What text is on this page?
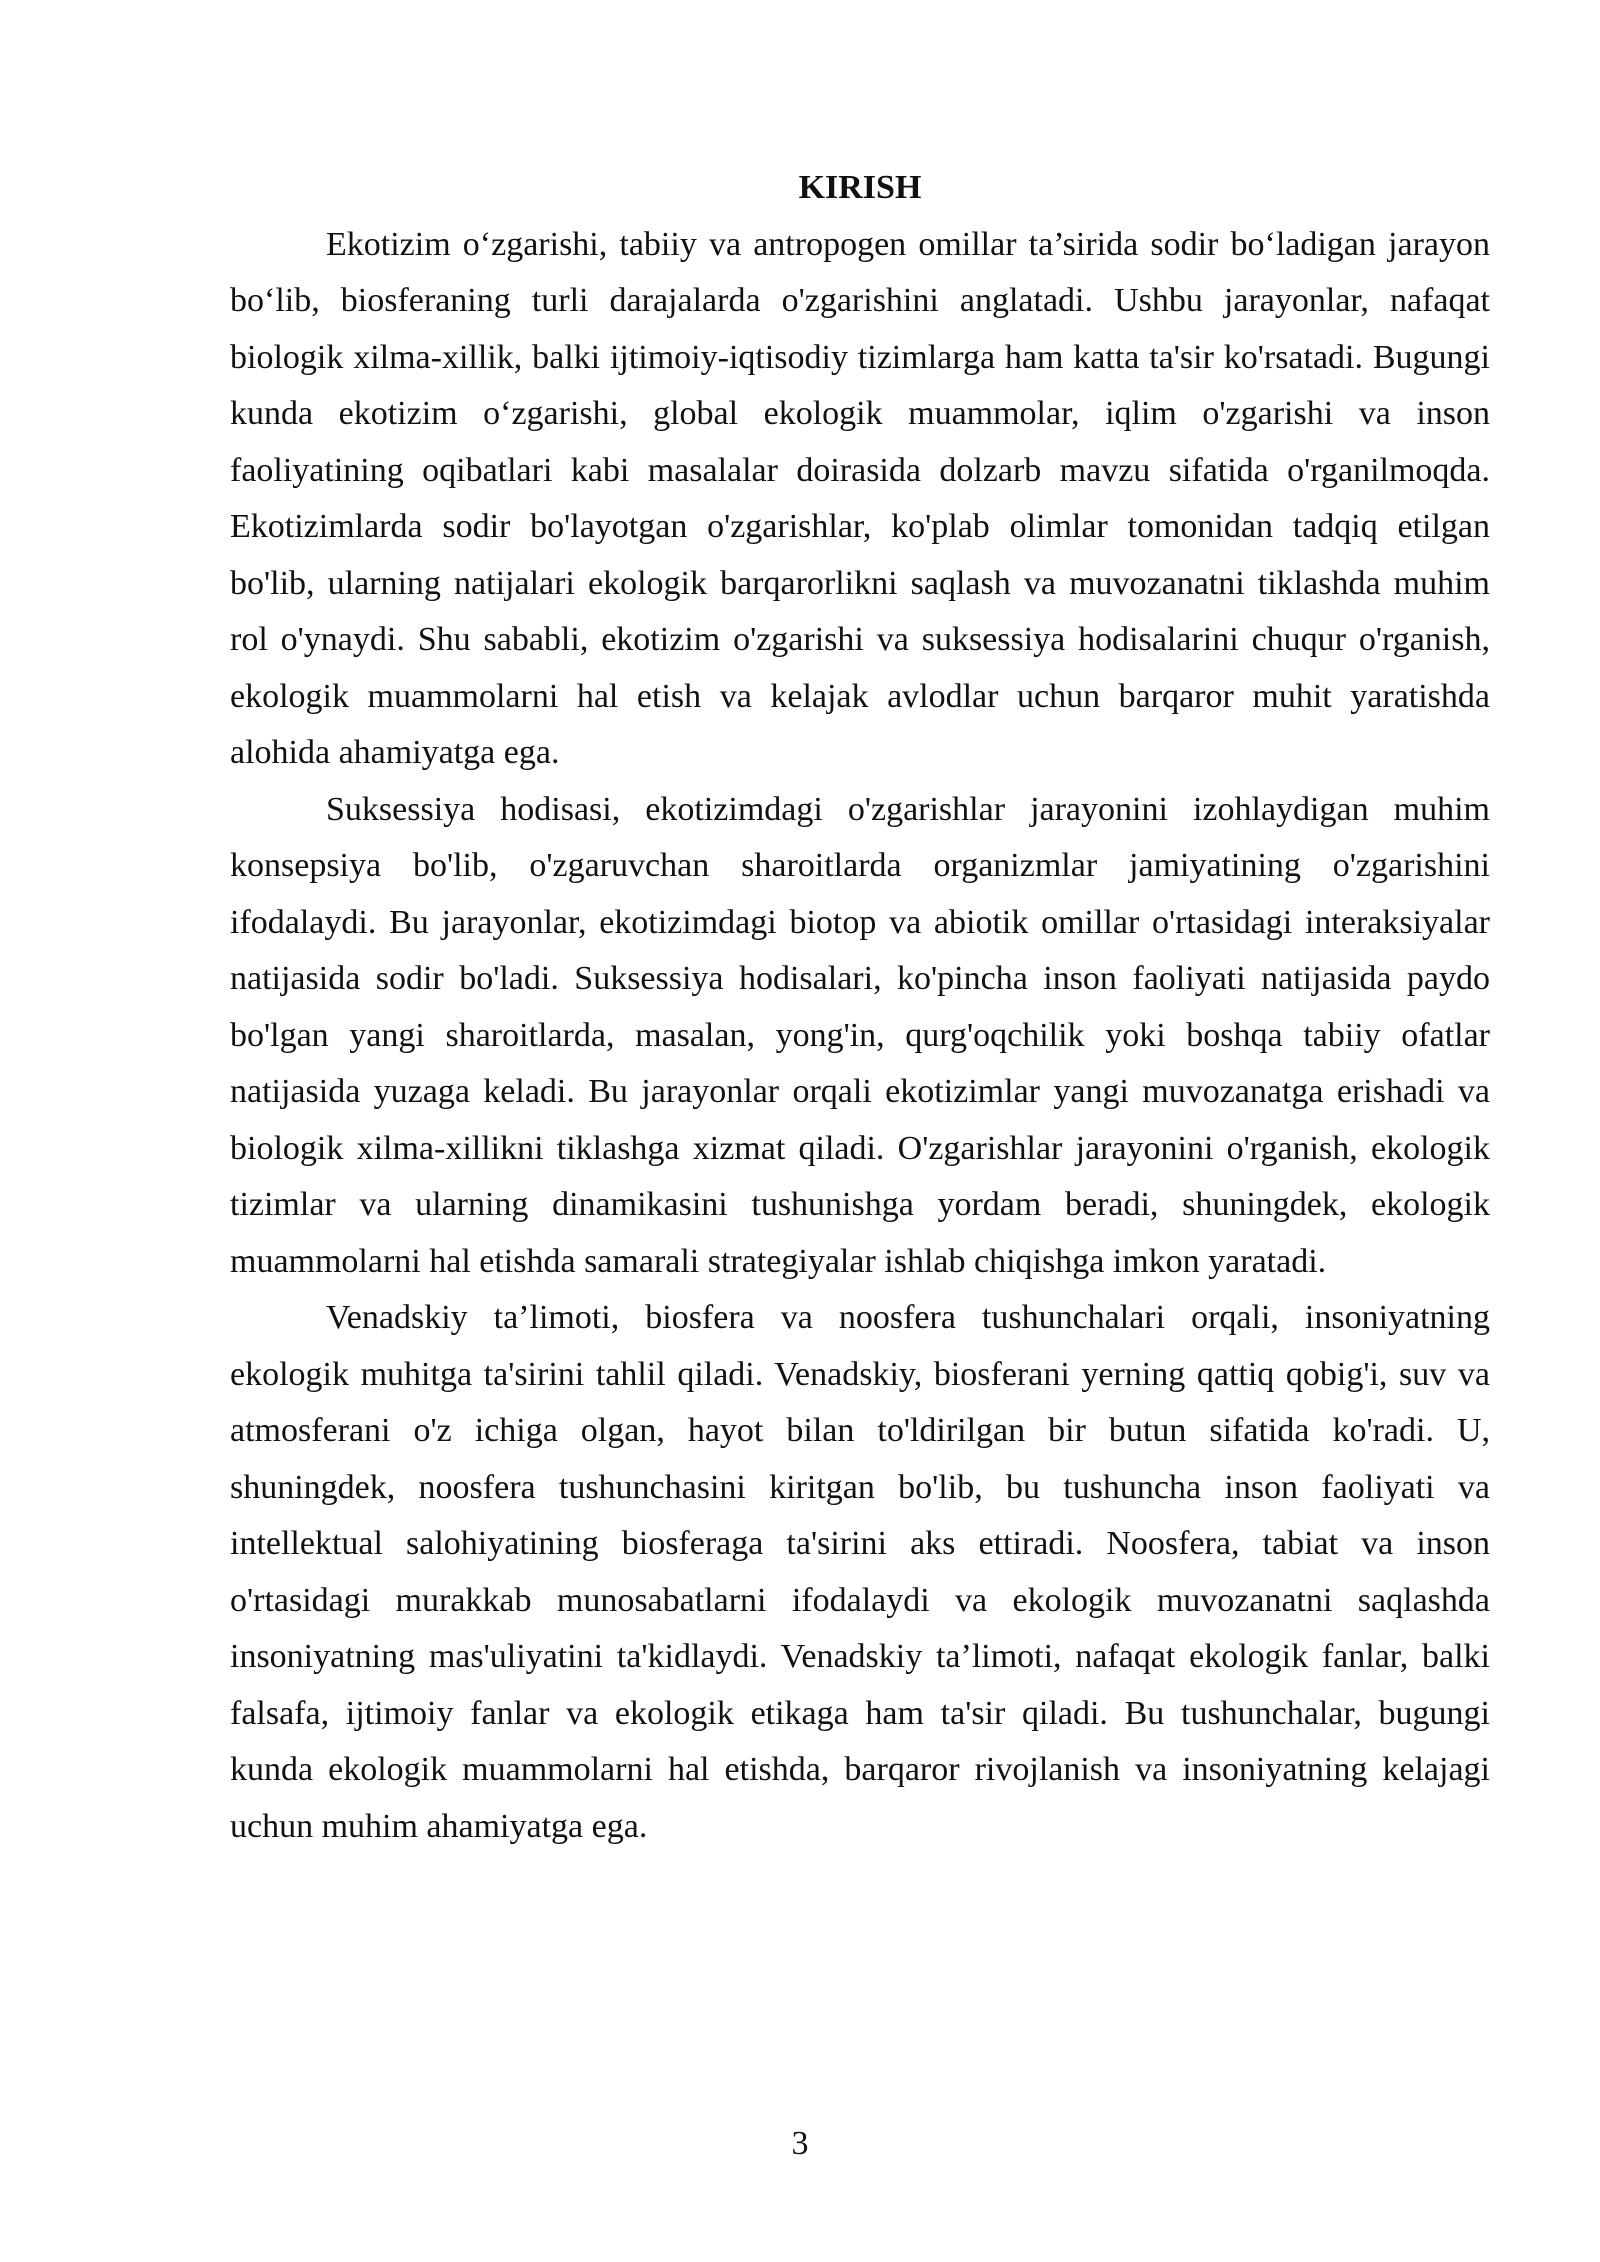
KIRISH

Ekotizim o‘zgarishi, tabiiy va antropogen omillar ta’sirida sodir bo‘ladigan jarayon bo‘lib, biosferaning turli darajalarda o'zgarishini anglatadi. Ushbu jarayonlar, nafaqat biologik xilma-xillik, balki ijtimoiy-iqtisodiy tizimlarga ham katta ta'sir ko'rsatadi. Bugungi kunda ekotizim o‘zgarishi, global ekologik muammolar, iqlim o'zgarishi va inson faoliyatining oqibatlari kabi masalalar doirasida dolzarb mavzu sifatida o'rganilmoqda. Ekotizimlarda sodir bo'layotgan o'zgarishlar, ko'plab olimlar tomonidan tadqiq etilgan bo'lib, ularning natijalari ekologik barqarorlikni saqlash va muvozanatni tiklashda muhim rol o'ynaydi. Shu sababli, ekotizim o'zgarishi va suksessiya hodisalarini chuqur o'rganish, ekologik muammolarni hal etish va kelajak avlodlar uchun barqaror muhit yaratishda alohida ahamiyatga ega.

Suksessiya hodisasi, ekotizimdagi o'zgarishlar jarayonini izohlaydigan muhim konsepsiya bo'lib, o'zgaruvchan sharoitlarda organizmlar jamiyatining o'zgarishini ifodalaydi. Bu jarayonlar, ekotizimdagi biotop va abiotik omillar o'rtasidagi interaksiyalar natijasida sodir bo'ladi. Suksessiya hodisalari, ko'pincha inson faoliyati natijasida paydo bo'lgan yangi sharoitlarda, masalan, yong'in, qurg'oqchilik yoki boshqa tabiiy ofatlar natijasida yuzaga keladi. Bu jarayonlar orqali ekotizimlar yangi muvozanatga erishadi va biologik xilma-xillikni tiklashga xizmat qiladi. O'zgarishlar jarayonini o'rganish, ekologik tizimlar va ularning dinamikasini tushunishga yordam beradi, shuningdek, ekologik muammolarni hal etishda samarali strategiyalar ishlab chiqishga imkon yaratadi.

Venadskiy ta’limoti, biosfera va noosfera tushunchalari orqali, insoniyatning ekologik muhitga ta'sirini tahlil qiladi. Venadskiy, biosferani yerning qattiq qobig'i, suv va atmosferani o'z ichiga olgan, hayot bilan to'ldirilgan bir butun sifatida ko'radi. U, shuningdek, noosfera tushunchasini kiritgan bo'lib, bu tushuncha inson faoliyati va intellektual salohiyatining biosferaga ta'sirini aks ettiradi. Noosfera, tabiat va inson o'rtasidagi murakkab munosabatlarni ifodalaydi va ekologik muvozanatni saqlashda insoniyatning mas'uliyatini ta'kidlaydi. Venadskiy ta’limoti, nafaqat ekologik fanlar, balki falsafa, ijtimoiy fanlar va ekologik etikaga ham ta'sir qiladi. Bu tushunchalar, bugungi kunda ekologik muammolarni hal etishda, barqaror rivojlanish va insoniyatning kelajagi uchun muhim ahamiyatga ega.

3
